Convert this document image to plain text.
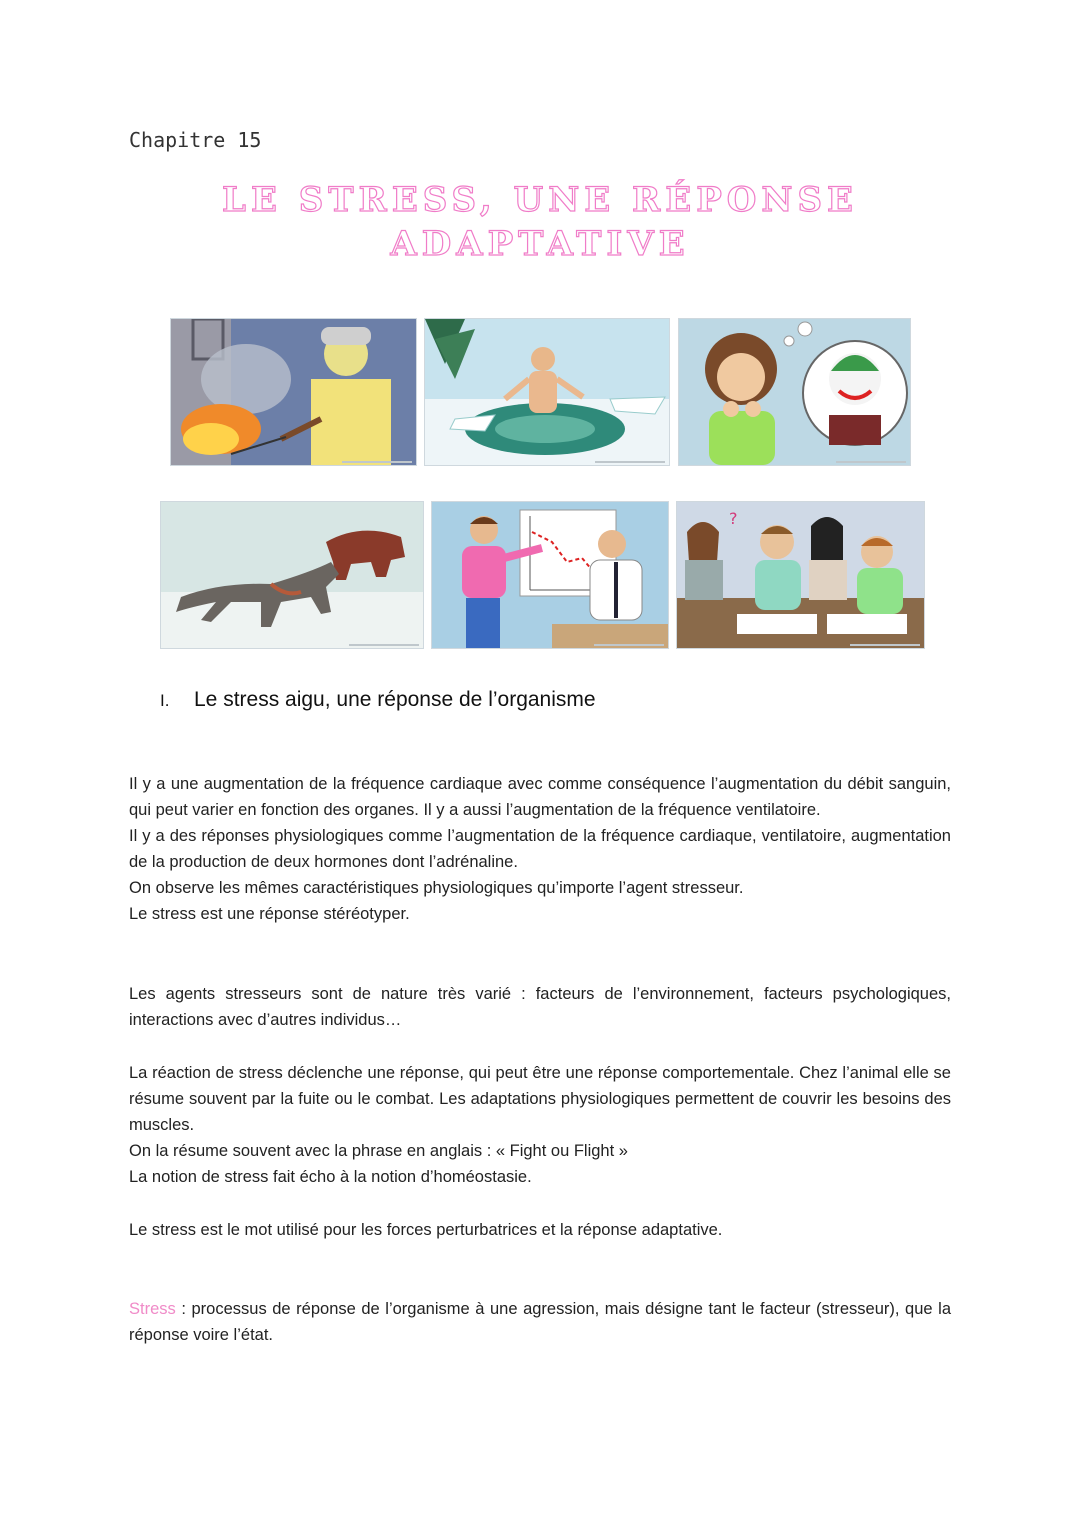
Chapitre 15
LE STRESS, UNE RÉPONSE
ADAPTATIVE
?
I. Le stress aigu, une réponse de l’organisme

Il y a une augmentation de la fréquence cardiaque avec comme conséquence l’augmentation du débit sanguin, qui peut varier en fonction des organes. Il y a aussi l’augmentation de la fréquence ventilatoire.

Il y a des réponses physiologiques comme l’augmentation de la fréquence cardiaque, ventilatoire, augmentation de la production de deux hormones dont l’adrénaline.

On observe les mêmes caractéristiques physiologiques qu’importe l’agent stresseur.

Le stress est une réponse stéréotyper.

Les agents stresseurs sont de nature très varié : facteurs de l’environnement, facteurs psychologiques, interactions avec d’autres individus…

La réaction de stress déclenche une réponse, qui peut être une réponse comportementale. Chez l’animal elle se résume souvent par la fuite ou le combat. Les adaptations physiologiques permettent de couvrir les besoins des muscles.

On la résume souvent avec la phrase en anglais : « Fight ou Flight »

La notion de stress fait écho à la notion d’homéostasie.

Le stress est le mot utilisé pour les forces perturbatrices et la réponse adaptative.

Stress : processus de réponse de l’organisme à une agression, mais désigne tant le facteur (stresseur), que la réponse voire l’état.
